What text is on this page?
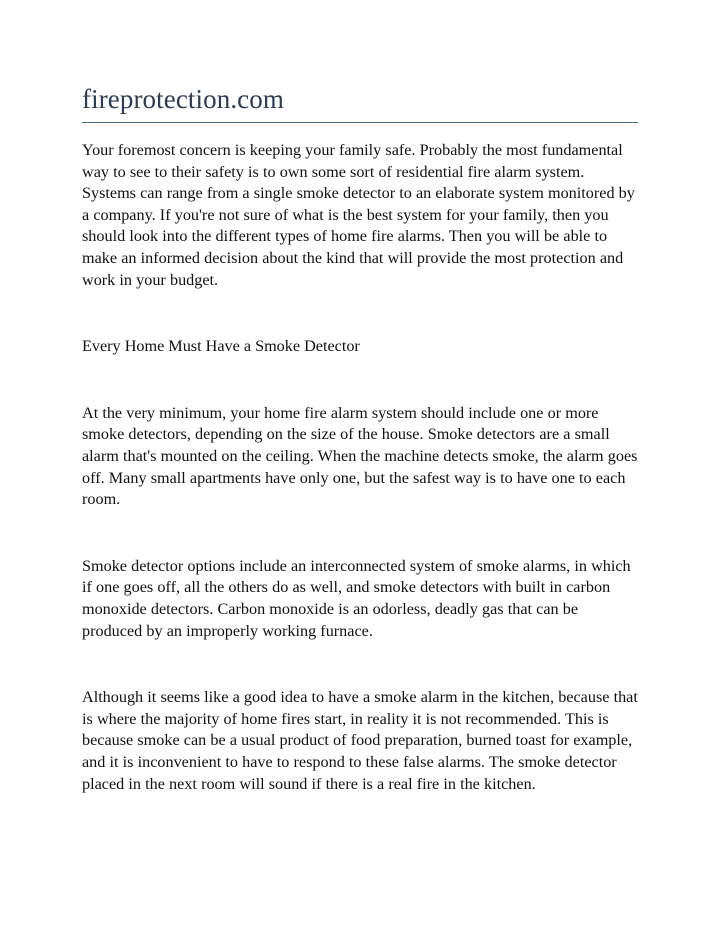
fireprotection.com

Your foremost concern is keeping your family safe. Probably the most fundamental way to see to their safety is to own some sort of residential fire alarm system. Systems can range from a single smoke detector to an elaborate system monitored by a company. If you're not sure of what is the best system for your family, then you should look into the different types of home fire alarms. Then you will be able to make an informed decision about the kind that will provide the most protection and work in your budget.

Every Home Must Have a Smoke Detector

At the very minimum, your home fire alarm system should include one or more smoke detectors, depending on the size of the house. Smoke detectors are a small alarm that's mounted on the ceiling. When the machine detects smoke, the alarm goes off. Many small apartments have only one, but the safest way is to have one to each room.

Smoke detector options include an interconnected system of smoke alarms, in which if one goes off, all the others do as well, and smoke detectors with built in carbon monoxide detectors. Carbon monoxide is an odorless, deadly gas that can be produced by an improperly working furnace.

Although it seems like a good idea to have a smoke alarm in the kitchen, because that is where the majority of home fires start, in reality it is not recommended. This is because smoke can be a usual product of food preparation, burned toast for example, and it is inconvenient to have to respond to these false alarms. The smoke detector placed in the next room will sound if there is a real fire in the kitchen.
